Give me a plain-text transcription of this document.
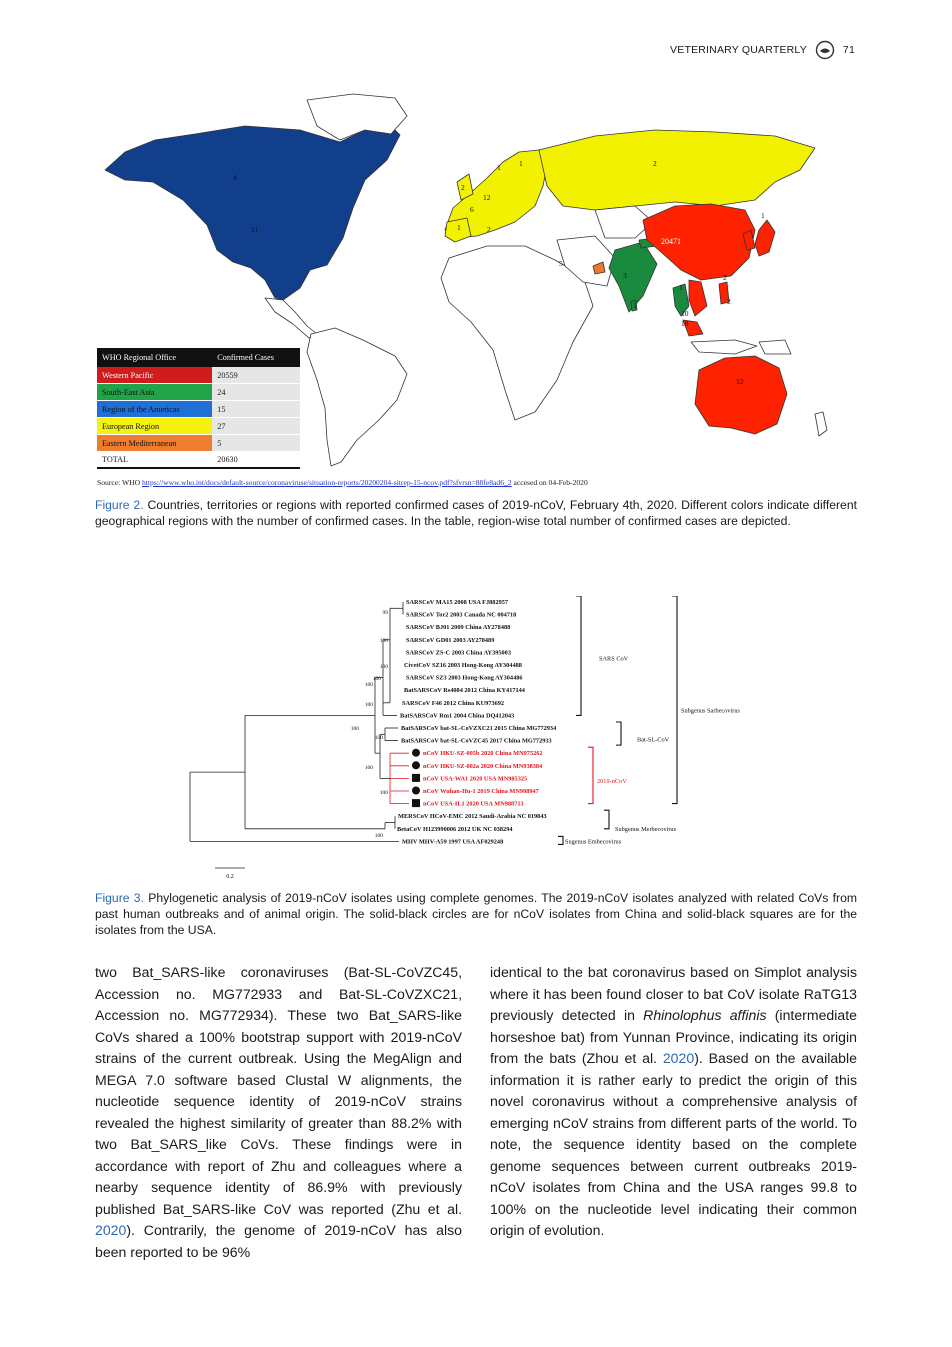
VETERINARY QUARTERLY	71
4
11
1 1	2
6
12
1	2
2
5
20471
3
1
1
2
10
18
12
1
2
WHO Regional Office	Confirmed Cases
Western Pacific	20559
South-East Asia	24
Region of the Americas	15
European Region	27
Eastern Mediterranean	5
TOTAL	20630
Source: WHO https://www.who.int/docs/default-source/coronaviruse/situation-reports/20200204-sitrep-15-ncov.pdf?sfvrsn=88fe8ad6_2 accesed on 04-Feb-2020
Figure 2. Countries, territories or regions with reported confirmed cases of 2019-nCoV, February 4th, 2020. Different colors indicate different geographical regions with the number of confirmed cases. In the table, region-wise total number of confirmed cases are depicted.
SARSCoV MA15 2008 USA FJ882957
SARSCoV Tor2 2003 Canada NC 004718
SARSCoV BJ01 2009 China AY278488
SARSCoV GD01 2003 AY278489
SARSCoV ZS-C 2003 China AY395003
CivetCoV SZ16 2003 Hong-Kong AY304488
SARSCoV SZ3 2003 Hong-Kong AY304486
BatSARSCoV Rs4084 2012 China KY417144
SARSCoV F46 2012 China KU973692
BatSARSCoV Rm1 2004 China DQ412043
BatSARSCoV bat-SL-CoVZXC21 2015 China MG772934
BatSARSCoV bat-SL-CoVZC45 2017 China MG772933
nCoV HKU-SZ-005b 2020 China MN975262
nCoV HKU-SZ-002a 2020 China MN938384
nCoV USA-WA1 2020 USA MN985325
nCoV Wuhan-Hu-1 2019 China MN908947
nCoV USA-IL1 2020 USA MN988713
MERSCoV HCoV-EMC 2012 Saudi-Arabia NC 019843
BetaCoV H123990006 2012 UK NC 038294
MHV MHV-A59 1997 USA AF029248
99
100
100
100
100
100
100
100
100
100
100
SARS CoV
Bat-SL-CoV
2019-nCoV
Subgenus Sarbecovirus
Subgenus Merbecovirus
Sugenus Embecovirus
0.2
Figure 3. Phylogenetic analysis of 2019-nCoV isolates using complete genomes. The 2019-nCoV isolates analyzed with related CoVs from past human outbreaks and of animal origin. The solid-black circles are for nCoV isolates from China and solid-black squares are for the isolates from the USA.
two Bat_SARS-like coronaviruses (Bat-SL-CoVZC45, Accession no. MG772933 and Bat-SL-CoVZXC21, Accession no. MG772934). These two Bat_SARS-like CoVs shared a 100% bootstrap support with 2019-nCoV strains of the current outbreak. Using the MegAlign and MEGA 7.0 software based Clustal W alignments, the nucleotide sequence identity of 2019-nCoV strains revealed the highest similarity of greater than 88.2% with two Bat_SARS_like CoVs. These findings were in accordance with report of Zhu and colleagues where a nearby sequence identity of 86.9% with previously published Bat_SARS-like CoV was reported (Zhu et al. 2020). Contrarily, the genome of 2019-nCoV has also been reported to be 96%
identical to the bat coronavirus based on Simplot analysis where it has been found closer to bat CoV isolate RaTG13 previously detected in Rhinolophus affinis (intermediate horseshoe bat) from Yunnan Province, indicating its origin from the bats (Zhou et al. 2020). Based on the available information it is rather early to predict the origin of this novel coronavirus without a comprehensive analysis of emerging nCoV strains from different parts of the world. To note, the sequence identity based on the complete genome sequences between current outbreaks 2019-nCoV isolates from China and the USA ranges 99.8 to 100% on the nucleotide level indicating their common origin of evolution.
